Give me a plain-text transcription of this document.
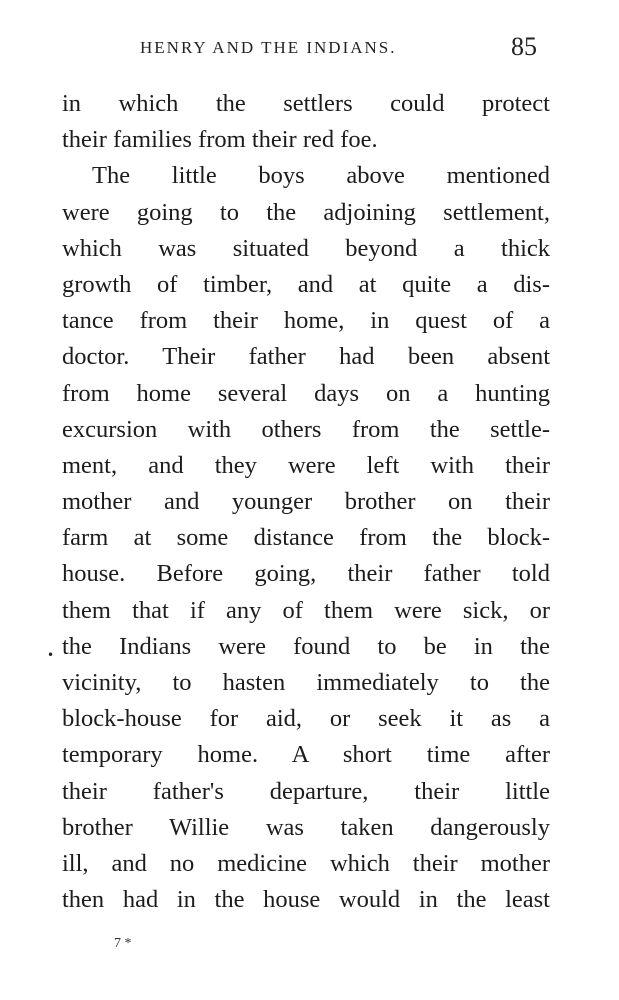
HENRY AND THE INDIANS.	85
in which the settlers could protect
their families from their red foe.
The little boys above mentioned
were going to the adjoining settlement,
which was situated beyond a thick
growth of timber, and at quite a dis-
tance from their home, in quest of a
doctor. Their father had been absent
from home several days on a hunting
excursion with others from the settle-
ment, and they were left with their
mother and younger brother on their
farm at some distance from the block-
house. Before going, their father told
them that if any of them were sick, or
the Indians were found to be in the
vicinity, to hasten immediately to the
block-house for aid, or seek it as a
temporary home. A short time after
their father's departure, their little
brother Willie was taken dangerously
ill, and no medicine which their mother
then had in the house would in the least
•
7 *
